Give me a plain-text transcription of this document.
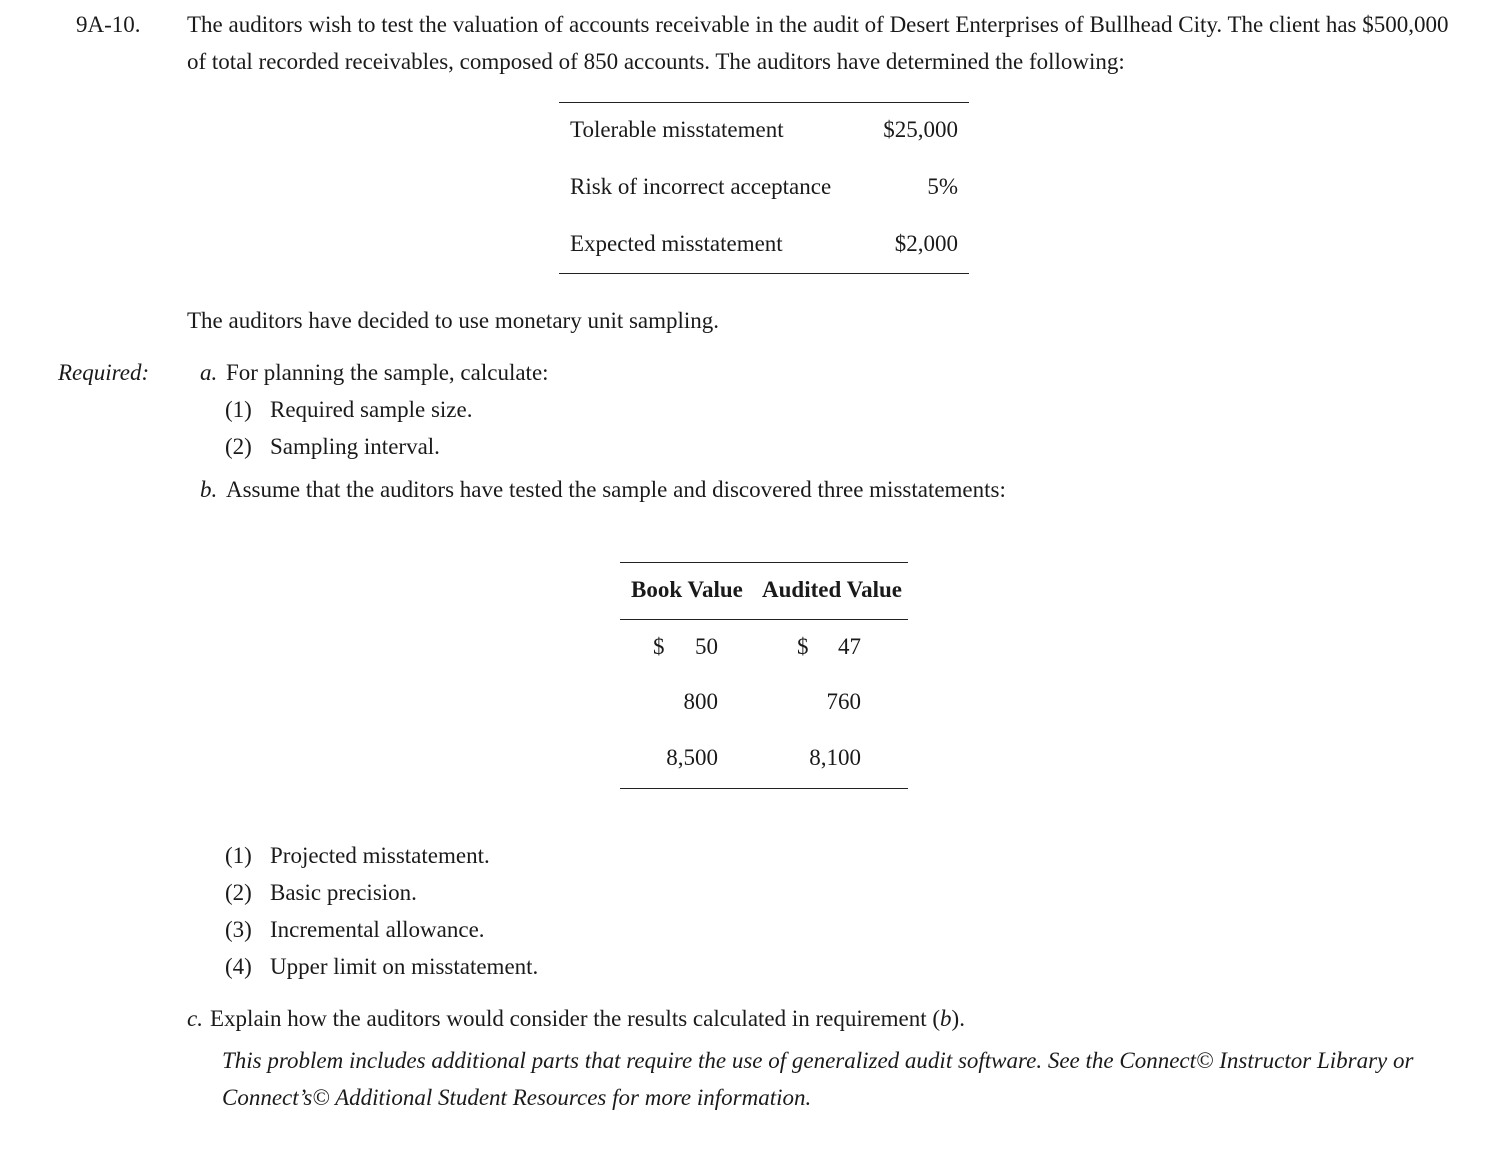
9A-10. The auditors wish to test the valuation of accounts receivable in the audit of Desert Enterprises of Bullhead City. The client has $500,000 of total recorded receivables, composed of 850 accounts. The auditors have determined the following:
Tolerable misstatement	$25,000
Risk of incorrect acceptance	5%
Expected misstatement	$2,000
The auditors have decided to use monetary unit sampling.
Required: a. For planning the sample, calculate:
(1) Required sample size.
(2) Sampling interval.
b. Assume that the auditors have tested the sample and discovered three misstatements:
Book Value Audited Value
$	50	$	47
800	760
8,500	8,100
(1) Projected misstatement.
(2) Basic precision.
(3) Incremental allowance.
(4) Upper limit on misstatement.
c. Explain how the auditors would consider the results calculated in requirement (b).
This problem includes additional parts that require the use of generalized audit software. See the Connect© Instructor Library or Connect’s© Additional Student Resources for more information.
